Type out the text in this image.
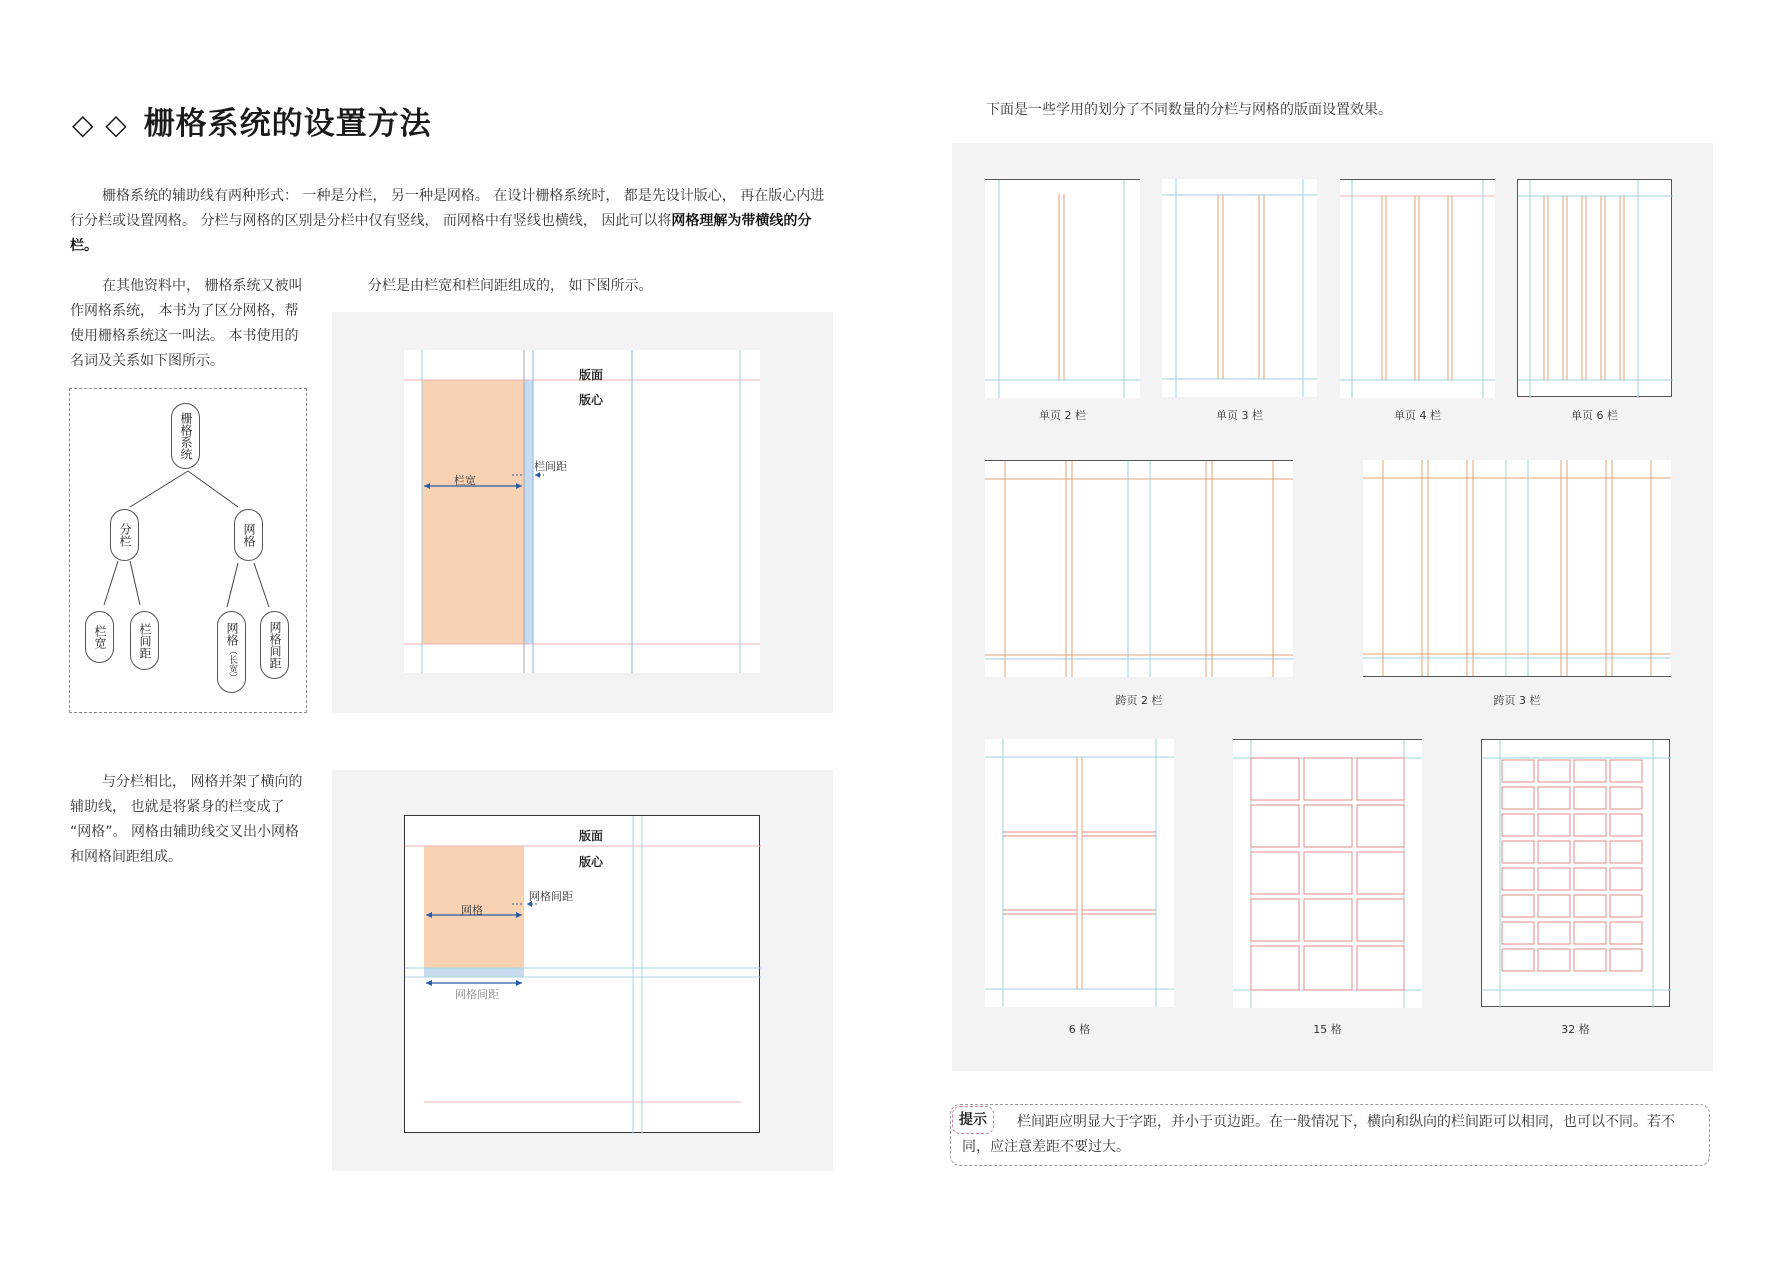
◇ ◇ 栅格系统的设置方法
栅格系统的辅助线有两种形式： 一种是分栏， 另一种是网格。 在设计栅格系统时， 都是先设计版心， 再在版心内进行分栏或设置网格。 分栏与网格的区别是分栏中仅有竖线， 而网格中有竖线也横线， 因此可以将网格理解为带横线的分栏。
在其他资料中， 栅格系统又被叫作网格系统， 本书为了区分网格，帮使用栅格系统这一叫法。 本书使用的名词及关系如下图所示。
分栏是由栏宽和栏间距组成的， 如下图所示。
栅格系统
分栏	网格
栏宽	栏间距	网格
（长宽）	网格间距
版面
版心
栏宽
栏间距
与分栏相比， 网格并架了横向的辅助线， 也就是将紧身的栏变成了 “网格”。 网格由辅助线交叉出小网格和网格间距组成。
版面
版心
网格
网格间距
网格间距
下面是一些学用的划分了不同数量的分栏与网格的版面设置效果。
单页 2 栏	单页 3 栏	单页 4 栏	单页 6 栏
跨页 2 栏	跨页 3 栏
6 格	15 格	32 格
栏间距应明显大于字距，并小于页边距。在一般情况下，横向和纵向的栏间距可以相同，也可以不同。若不同，应注意差距不要过大。
提示
